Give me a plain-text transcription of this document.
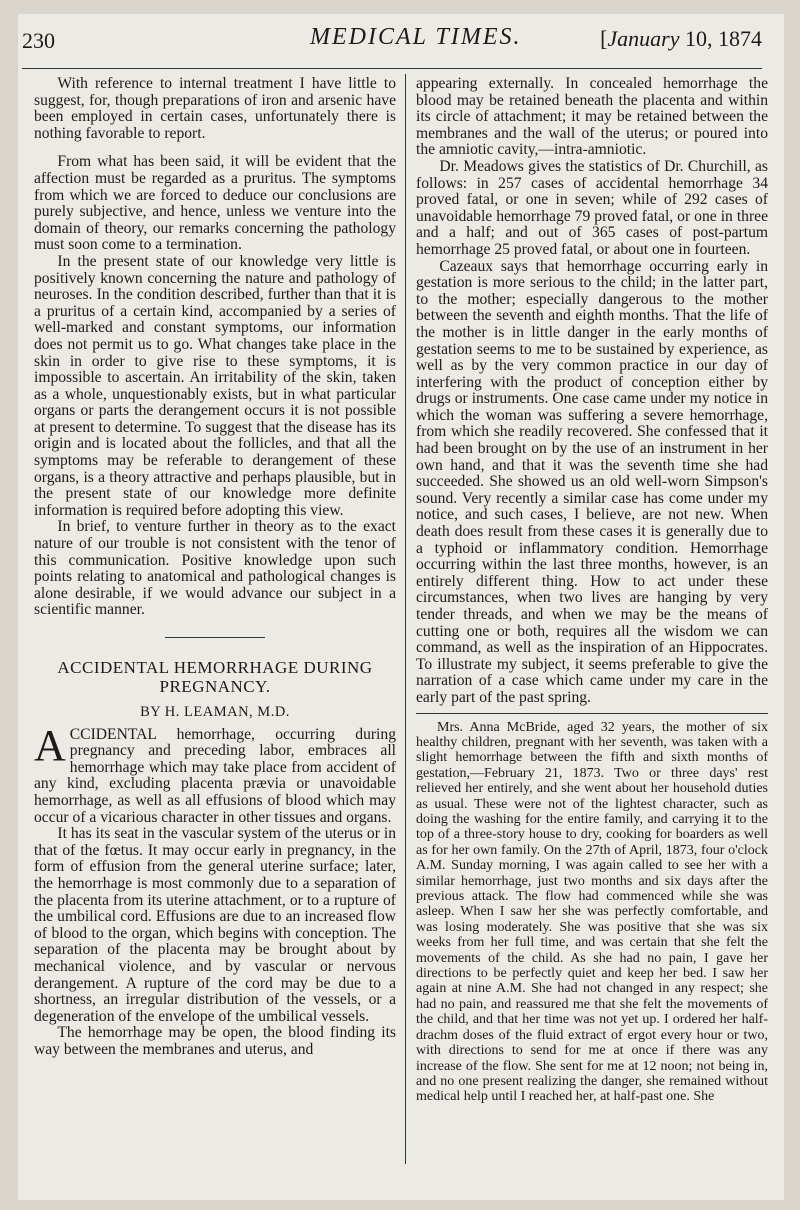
230	MEDICAL TIMES.	[January 10, 1874

With reference to internal treatment I have little to suggest, for, though preparations of iron and arsenic have been employed in certain cases, unfortunately there is nothing favorable to report.

From what has been said, it will be evident that the affection must be regarded as a pruritus. The symptoms from which we are forced to deduce our conclusions are purely subjective, and hence, unless we venture into the domain of theory, our remarks concerning the pathology must soon come to a termination.

In the present state of our knowledge very little is positively known concerning the nature and pathology of neuroses. In the condition described, further than that it is a pruritus of a certain kind, accompanied by a series of well-marked and constant symptoms, our information does not permit us to go. What changes take place in the skin in order to give rise to these symptoms, it is impossible to ascertain. An irritability of the skin, taken as a whole, unquestionably exists, but in what particular organs or parts the derangement occurs it is not possible at present to determine. To suggest that the disease has its origin and is located about the follicles, and that all the symptoms may be referable to derangement of these organs, is a theory attractive and perhaps plausible, but in the present state of our knowledge more definite information is required before adopting this view.

In brief, to venture further in theory as to the exact nature of our trouble is not consistent with the tenor of this communication. Positive knowledge upon such points relating to anatomical and pathological changes is alone desirable, if we would advance our subject in a scientific manner.

ACCIDENTAL HEMORRHAGE DURING PREGNANCY.
BY H. LEAMAN, M.D.

ACCIDENTAL hemorrhage, occurring during pregnancy and preceding labor, embraces all hemorrhage which may take place from accident of any kind, excluding placenta prævia or unavoidable hemorrhage, as well as all effusions of blood which may occur of a vicarious character in other tissues and organs.

It has its seat in the vascular system of the uterus or in that of the fœtus. It may occur early in pregnancy, in the form of effusion from the general uterine surface; later, the hemorrhage is most commonly due to a separation of the placenta from its uterine attachment, or to a rupture of the umbilical cord. Effusions are due to an increased flow of blood to the organ, which begins with conception. The separation of the placenta may be brought about by mechanical violence, and by vascular or nervous derangement. A rupture of the cord may be due to a shortness, an irregular distribution of the vessels, or a degeneration of the envelope of the umbilical vessels.

The hemorrhage may be open, the blood finding its way between the membranes and uterus, and

appearing externally. In concealed hemorrhage the blood may be retained beneath the placenta and within its circle of attachment; it may be retained between the membranes and the wall of the uterus; or poured into the amniotic cavity,—intra-amniotic.

Dr. Meadows gives the statistics of Dr. Churchill, as follows: in 257 cases of accidental hemorrhage 34 proved fatal, or one in seven; while of 292 cases of unavoidable hemorrhage 79 proved fatal, or one in three and a half; and out of 365 cases of post-partum hemorrhage 25 proved fatal, or about one in fourteen.

Cazeaux says that hemorrhage occurring early in gestation is more serious to the child; in the latter part, to the mother; especially dangerous to the mother between the seventh and eighth months. That the life of the mother is in little danger in the early months of gestation seems to me to be sustained by experience, as well as by the very common practice in our day of interfering with the product of conception either by drugs or instruments. One case came under my notice in which the woman was suffering a severe hemorrhage, from which she readily recovered. She confessed that it had been brought on by the use of an instrument in her own hand, and that it was the seventh time she had succeeded. She showed us an old well-worn Simpson's sound. Very recently a similar case has come under my notice, and such cases, I believe, are not new. When death does result from these cases it is generally due to a typhoid or inflammatory condition. Hemorrhage occurring within the last three months, however, is an entirely different thing. How to act under these circumstances, when two lives are hanging by very tender threads, and when we may be the means of cutting one or both, requires all the wisdom we can command, as well as the inspiration of an Hippocrates. To illustrate my subject, it seems preferable to give the narration of a case which came under my care in the early part of the past spring.

Mrs. Anna McBride, aged 32 years, the mother of six healthy children, pregnant with her seventh, was taken with a slight hemorrhage between the fifth and sixth months of gestation,—February 21, 1873. Two or three days' rest relieved her entirely, and she went about her household duties as usual. These were not of the lightest character, such as doing the washing for the entire family, and carrying it to the top of a three-story house to dry, cooking for boarders as well as for her own family. On the 27th of April, 1873, four o'clock A.M. Sunday morning, I was again called to see her with a similar hemorrhage, just two months and six days after the previous attack. The flow had commenced while she was asleep. When I saw her she was perfectly comfortable, and was losing moderately. She was positive that she was six weeks from her full time, and was certain that she felt the movements of the child. As she had no pain, I gave her directions to be perfectly quiet and keep her bed. I saw her again at nine A.M. She had not changed in any respect; she had no pain, and reassured me that she felt the movements of the child, and that her time was not yet up. I ordered her half-drachm doses of the fluid extract of ergot every hour or two, with directions to send for me at once if there was any increase of the flow. She sent for me at 12 noon; not being in, and no one present realizing the danger, she remained without medical help until I reached her, at half-past one. She
